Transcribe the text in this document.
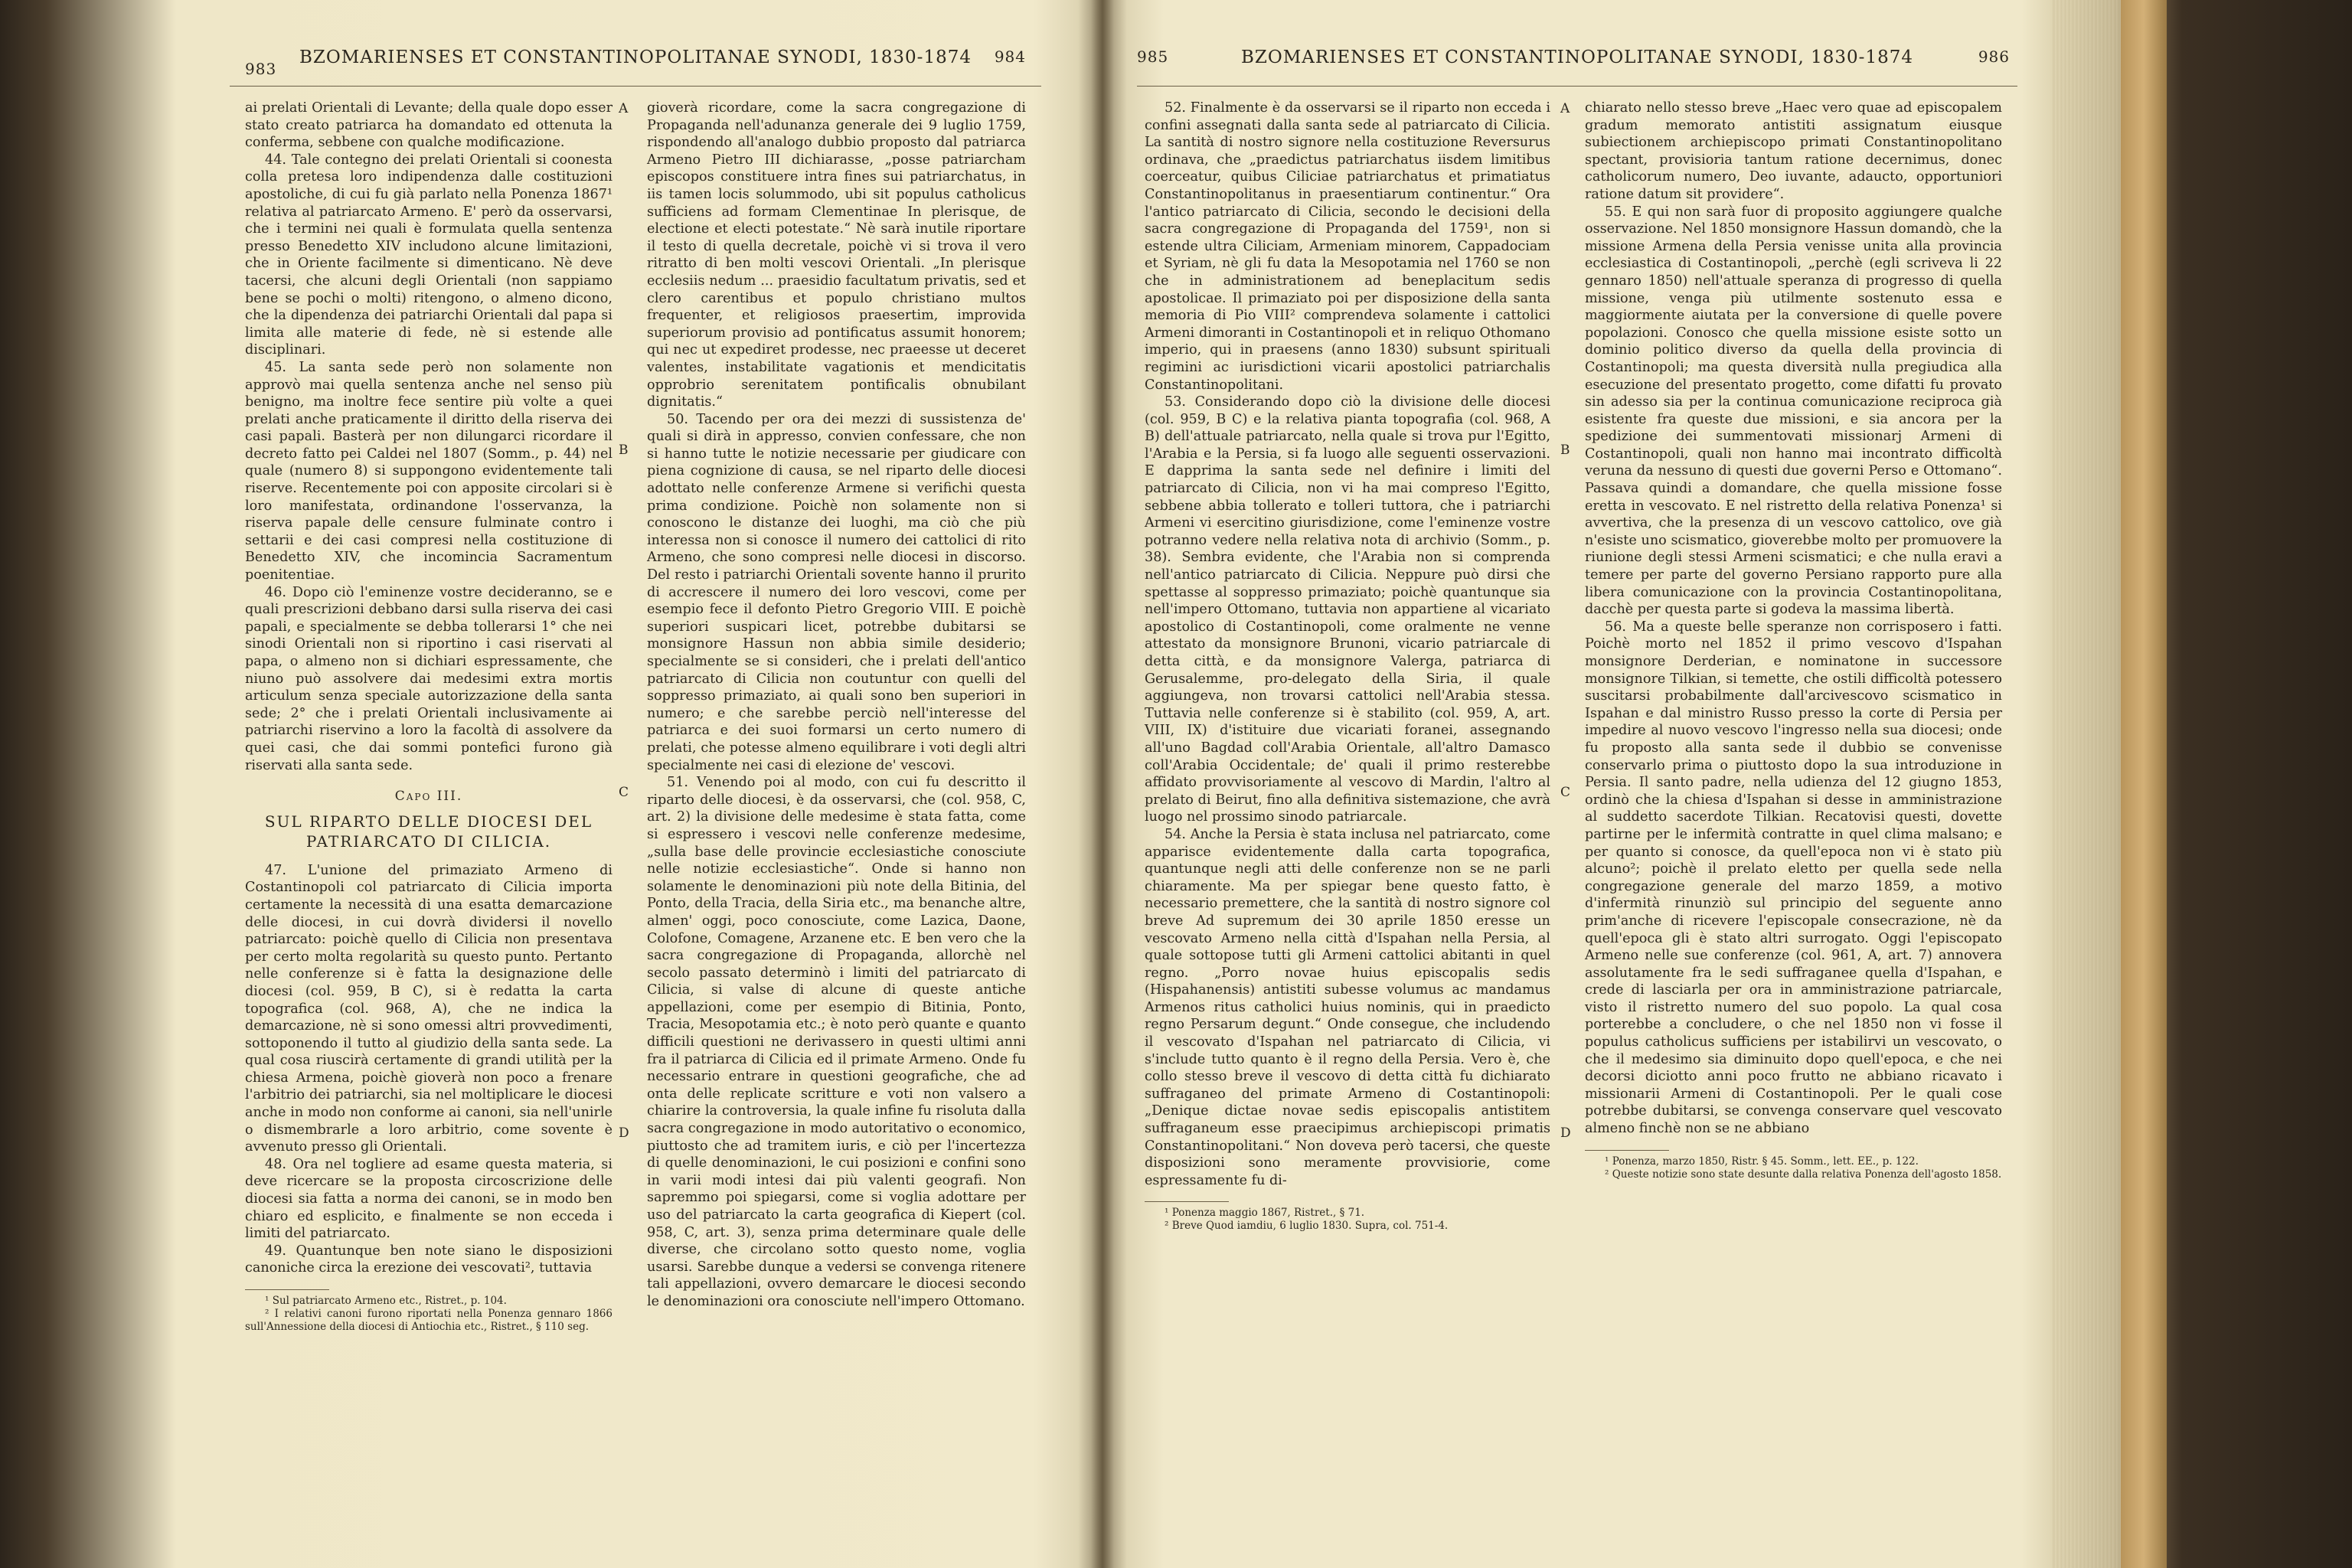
983
BZOMARIENSES ET CONSTANTINOPOLITANAE SYNODI, 1830-1874	984
A
B
C
D

ai prelati Orientali di Levante; della quale dopo esser stato creato patriarca ha domandato ed ottenuta la conferma, sebbene con qualche modificazione.

44. Tale contegno dei prelati Orientali si coonesta colla pretesa loro indipendenza dalle costituzioni apostoliche, di cui fu già parlato nella Ponenza 1867¹ relativa al patriarcato Armeno. E' però da osservarsi, che i termini nei quali è formulata quella sentenza presso Benedetto XIV includono alcune limitazioni, che in Oriente facilmente si dimenticano. Nè deve tacersi, che alcuni degli Orientali (non sappiamo bene se pochi o molti) ritengono, o almeno dicono, che la dipendenza dei patriarchi Orientali dal papa si limita alle materie di fede, nè si estende alle disciplinari.

45. La santa sede però non solamente non approvò mai quella sentenza anche nel senso più benigno, ma inoltre fece sentire più volte a quei prelati anche praticamente il diritto della riserva dei casi papali. Basterà per non dilungarci ricordare il decreto fatto pei Caldei nel 1807 (Somm., p. 44) nel quale (numero 8) si suppongono evidentemente tali riserve. Recentemente poi con apposite circolari si è loro manifestata, ordinandone l'osservanza, la riserva papale delle censure fulminate contro i settarii e dei casi compresi nella costituzione di Benedetto XIV, che incomincia Sacramentum poenitentiae.

46. Dopo ciò l'eminenze vostre decideranno, se e quali prescrizioni debbano darsi sulla riserva dei casi papali, e specialmente se debba tollerarsi 1° che nei sinodi Orientali non si riportino i casi riservati al papa, o almeno non si dichiari espressamente, che niuno può assolvere dai medesimi extra mortis articulum senza speciale autorizzazione della santa sede; 2° che i prelati Orientali inclusivamente ai patriarchi riservino a loro la facoltà di assolvere da quei casi, che dai sommi pontefici furono già riservati alla santa sede.

Capo III.
SUL RIPARTO DELLE DIOCESI DEL PATRIARCATO DI CILICIA.

47. L'unione del primaziato Armeno di Costantinopoli col patriarcato di Cilicia importa certamente la necessità di una esatta demarcazione delle diocesi, in cui dovrà dividersi il novello patriarcato: poichè quello di Cilicia non presentava per certo molta regolarità su questo punto. Pertanto nelle conferenze si è fatta la designazione delle diocesi (col. 959, B C), si è redatta la carta topografica (col. 968, A), che ne indica la demarcazione, nè si sono omessi altri provvedimenti, sottoponendo il tutto al giudizio della santa sede. La qual cosa riuscirà certamente di grandi utilità per la chiesa Armena, poichè gioverà non poco a frenare l'arbitrio dei patriarchi, sia nel moltiplicare le diocesi anche in modo non conforme ai canoni, sia nell'unirle o dismembrarle a loro arbitrio, come sovente è avvenuto presso gli Orientali.

48. Ora nel togliere ad esame questa materia, si deve ricercare se la proposta circoscrizione delle diocesi sia fatta a norma dei canoni, se in modo ben chiaro ed esplicito, e finalmente se non ecceda i limiti del patriarcato.

49. Quantunque ben note siano le disposizioni canoniche circa la erezione dei vescovati², tuttavia

¹ Sul patriarcato Armeno etc., Ristret., p. 104.

² I relativi canoni furono riportati nella Ponenza gennaro 1866 sull'Annessione della diocesi di Antiochia etc., Ristret., § 110 seg.

gioverà ricordare, come la sacra congregazione di Propaganda nell'adunanza generale dei 9 luglio 1759, rispondendo all'analogo dubbio proposto dal patriarca Armeno Pietro III dichiarasse, „posse patriarcham episcopos constituere intra fines sui patriarchatus, in iis tamen locis solummodo, ubi sit populus catholicus sufficiens ad formam Clementinae In plerisque, de electione et electi potestate.“ Nè sarà inutile riportare il testo di quella decretale, poichè vi si trova il vero ritratto di ben molti vescovi Orientali. „In plerisque ecclesiis nedum ... praesidio facultatum privatis, sed et clero carentibus et populo christiano multos frequenter, et religiosos praesertim, improvida superiorum provisio ad pontificatus assumit honorem; qui nec ut expediret prodesse, nec praeesse ut deceret valentes, instabilitate vagationis et mendicitatis opprobrio serenitatem pontificalis obnubilant dignitatis.“

50. Tacendo per ora dei mezzi di sussistenza de' quali si dirà in appresso, convien confessare, che non si hanno tutte le notizie necessarie per giudicare con piena cognizione di causa, se nel riparto delle diocesi adottato nelle conferenze Armene si verifichi questa prima condizione. Poichè non solamente non si conoscono le distanze dei luoghi, ma ciò che più interessa non si conosce il numero dei cattolici di rito Armeno, che sono compresi nelle diocesi in discorso. Del resto i patriarchi Orientali sovente hanno il prurito di accrescere il numero dei loro vescovi, come per esempio fece il defonto Pietro Gregorio VIII. E poichè superiori suspicari licet, potrebbe dubitarsi se monsignore Hassun non abbia simile desiderio; specialmente se si consideri, che i prelati dell'antico patriarcato di Cilicia non coutuntur con quelli del soppresso primaziato, ai quali sono ben superiori in numero; e che sarebbe perciò nell'interesse del patriarca e dei suoi formarsi un certo numero di prelati, che potesse almeno equilibrare i voti degli altri specialmente nei casi di elezione de' vescovi.

51. Venendo poi al modo, con cui fu descritto il riparto delle diocesi, è da osservarsi, che (col. 958, C, art. 2) la divisione delle medesime è stata fatta, come si espressero i vescovi nelle conferenze medesime, „sulla base delle provincie ecclesiastiche conosciute nelle notizie ecclesiastiche“. Onde si hanno non solamente le denominazioni più note della Bitinia, del Ponto, della Tracia, della Siria etc., ma benanche altre, almen' oggi, poco conosciute, come Lazica, Daone, Colofone, Comagene, Arzanene etc. E ben vero che la sacra congregazione di Propaganda, allorchè nel secolo passato determinò i limiti del patriarcato di Cilicia, si valse di alcune di queste antiche appellazioni, come per esempio di Bitinia, Ponto, Tracia, Mesopotamia etc.; è noto però quante e quanto difficili questioni ne derivassero in questi ultimi anni fra il patriarca di Cilicia ed il primate Armeno. Onde fu necessario entrare in questioni geografiche, che ad onta delle replicate scritture e voti non valsero a chiarire la controversia, la quale infine fu risoluta dalla sacra congregazione in modo autoritativo o economico, piuttosto che ad tramitem iuris, e ciò per l'incertezza di quelle denominazioni, le cui posizioni e confini sono in varii modi intesi dai più valenti geografi. Non sapremmo poi spiegarsi, come si voglia adottare per uso del patriarcato la carta geografica di Kiepert (col. 958, C, art. 3), senza prima determinare quale delle diverse, che circolano sotto questo nome, voglia usarsi. Sarebbe dunque a vedersi se convenga ritenere tali appellazioni, ovvero demarcare le diocesi secondo le denominazioni ora conosciute nell'impero Ottomano.

985	BZOMARIENSES ET CONSTANTINOPOLITANAE SYNODI, 1830-1874	986
A
B
C
D

52. Finalmente è da osservarsi se il riparto non ecceda i confini assegnati dalla santa sede al patriarcato di Cilicia. La santità di nostro signore nella costituzione Reversurus ordinava, che „praedictus patriarchatus iisdem limitibus coerceatur, quibus Ciliciae patriarchatus et primatiatus Constantinopolitanus in praesentiarum continentur.“ Ora l'antico patriarcato di Cilicia, secondo le decisioni della sacra congregazione di Propaganda del 1759¹, non si estende ultra Ciliciam, Armeniam minorem, Cappadociam et Syriam, nè gli fu data la Mesopotamia nel 1760 se non che in administrationem ad beneplacitum sedis apostolicae. Il primaziato poi per disposizione della santa memoria di Pio VIII² comprendeva solamente i cattolici Armeni dimoranti in Costantinopoli et in reliquo Othomano imperio, qui in praesens (anno 1830) subsunt spirituali regimini ac iurisdictioni vicarii apostolici patriarchalis Constantinopolitani.

53. Considerando dopo ciò la divisione delle diocesi (col. 959, B C) e la relativa pianta topografia (col. 968, A B) dell'attuale patriarcato, nella quale si trova pur l'Egitto, l'Arabia e la Persia, si fa luogo alle seguenti osservazioni. E dapprima la santa sede nel definire i limiti del patriarcato di Cilicia, non vi ha mai compreso l'Egitto, sebbene abbia tollerato e tolleri tuttora, che i patriarchi Armeni vi esercitino giurisdizione, come l'eminenze vostre potranno vedere nella relativa nota di archivio (Somm., p. 38). Sembra evidente, che l'Arabia non si comprenda nell'antico patriarcato di Cilicia. Neppure può dirsi che spettasse al soppresso primaziato; poichè quantunque sia nell'impero Ottomano, tuttavia non appartiene al vicariato apostolico di Costantinopoli, come oralmente ne venne attestato da monsignore Brunoni, vicario patriarcale di detta città, e da monsignore Valerga, patriarca di Gerusalemme, pro-delegato della Siria, il quale aggiungeva, non trovarsi cattolici nell'Arabia stessa. Tuttavia nelle conferenze si è stabilito (col. 959, A, art. VIII, IX) d'istituire due vicariati foranei, assegnando all'uno Bagdad coll'Arabia Orientale, all'altro Damasco coll'Arabia Occidentale; de' quali il primo resterebbe affidato provvisoriamente al vescovo di Mardin, l'altro al prelato di Beirut, fino alla definitiva sistemazione, che avrà luogo nel prossimo sinodo patriarcale.

54. Anche la Persia è stata inclusa nel patriarcato, come apparisce evidentemente dalla carta topografica, quantunque negli atti delle conferenze non se ne parli chiaramente. Ma per spiegar bene questo fatto, è necessario premettere, che la santità di nostro signore col breve Ad supremum dei 30 aprile 1850 eresse un vescovato Armeno nella città d'Ispahan nella Persia, al quale sottopose tutti gli Armeni cattolici abitanti in quel regno. „Porro novae huius episcopalis sedis (Hispahanensis) antistiti subesse volumus ac mandamus Armenos ritus catholici huius nominis, qui in praedicto regno Persarum degunt.“ Onde consegue, che includendo il vescovato d'Ispahan nel patriarcato di Cilicia, vi s'include tutto quanto è il regno della Persia. Vero è, che collo stesso breve il vescovo di detta città fu dichiarato suffraganeo del primate Armeno di Costantinopoli: „Denique dictae novae sedis episcopalis antistitem suffraganeum esse praecipimus archiepiscopi primatis Constantinopolitani.“ Non doveva però tacersi, che queste disposizioni sono meramente provvisiorie, come espressamente fu di-

¹ Ponenza maggio 1867, Ristret., § 71.

² Breve Quod iamdiu, 6 luglio 1830. Supra, col. 751-4.

chiarato nello stesso breve „Haec vero quae ad episcopalem gradum memorato antistiti assignatum eiusque subiectionem archiepiscopo primati Constantinopolitano spectant, provisioria tantum ratione decernimus, donec catholicorum numero, Deo iuvante, adaucto, opportuniori ratione datum sit providere“.

55. E qui non sarà fuor di proposito aggiungere qualche osservazione. Nel 1850 monsignore Hassun domandò, che la missione Armena della Persia venisse unita alla provincia ecclesiastica di Costantinopoli, „perchè (egli scriveva li 22 gennaro 1850) nell'attuale speranza di progresso di quella missione, venga più utilmente sostenuto essa e maggiormente aiutata per la conversione di quelle povere popolazioni. Conosco che quella missione esiste sotto un dominio politico diverso da quella della provincia di Costantinopoli; ma questa diversità nulla pregiudica alla esecuzione del presentato progetto, come difatti fu provato sin adesso sia per la continua comunicazione reciproca già esistente fra queste due missioni, e sia ancora per la spedizione dei summentovati missionarj Armeni di Costantinopoli, quali non hanno mai incontrato difficoltà veruna da nessuno di questi due governi Perso e Ottomano“. Passava quindi a domandare, che quella missione fosse eretta in vescovato. E nel ristretto della relativa Ponenza¹ si avvertiva, che la presenza di un vescovo cattolico, ove già n'esiste uno scismatico, gioverebbe molto per promuovere la riunione degli stessi Armeni scismatici; e che nulla eravi a temere per parte del governo Persiano rapporto pure alla libera comunicazione con la provincia Costantinopolitana, dacchè per questa parte si godeva la massima libertà.

56. Ma a queste belle speranze non corrisposero i fatti. Poichè morto nel 1852 il primo vescovo d'Ispahan monsignore Derderian, e nominatone in successore monsignore Tilkian, si temette, che ostili difficoltà potessero suscitarsi probabilmente dall'arcivescovo scismatico in Ispahan e dal ministro Russo presso la corte di Persia per impedire al nuovo vescovo l'ingresso nella sua diocesi; onde fu proposto alla santa sede il dubbio se convenisse conservarlo prima o piuttosto dopo la sua introduzione in Persia. Il santo padre, nella udienza del 12 giugno 1853, ordinò che la chiesa d'Ispahan si desse in amministrazione al suddetto sacerdote Tilkian. Recatovisi questi, dovette partirne per le infermità contratte in quel clima malsano; e per quanto si conosce, da quell'epoca non vi è stato più alcuno²; poichè il prelato eletto per quella sede nella congregazione generale del marzo 1859, a motivo d'infermità rinunziò sul principio del seguente anno prim'anche di ricevere l'episcopale consecrazione, nè da quell'epoca gli è stato altri surrogato. Oggi l'episcopato Armeno nelle sue conferenze (col. 961, A, art. 7) annovera assolutamente fra le sedi suffraganee quella d'Ispahan, e crede di lasciarla per ora in amministrazione patriarcale, visto il ristretto numero del suo popolo. La qual cosa porterebbe a concludere, o che nel 1850 non vi fosse il populus catholicus sufficiens per istabilirvi un vescovato, o che il medesimo sia diminuito dopo quell'epoca, e che nei decorsi diciotto anni poco frutto ne abbiano ricavato i missionarii Armeni di Costantinopoli. Per le quali cose potrebbe dubitarsi, se convenga conservare quel vescovato almeno finchè non se ne abbiano

¹ Ponenza, marzo 1850, Ristr. § 45. Somm., lett. EE., p. 122.

² Queste notizie sono state desunte dalla relativa Ponenza dell'agosto 1858.
